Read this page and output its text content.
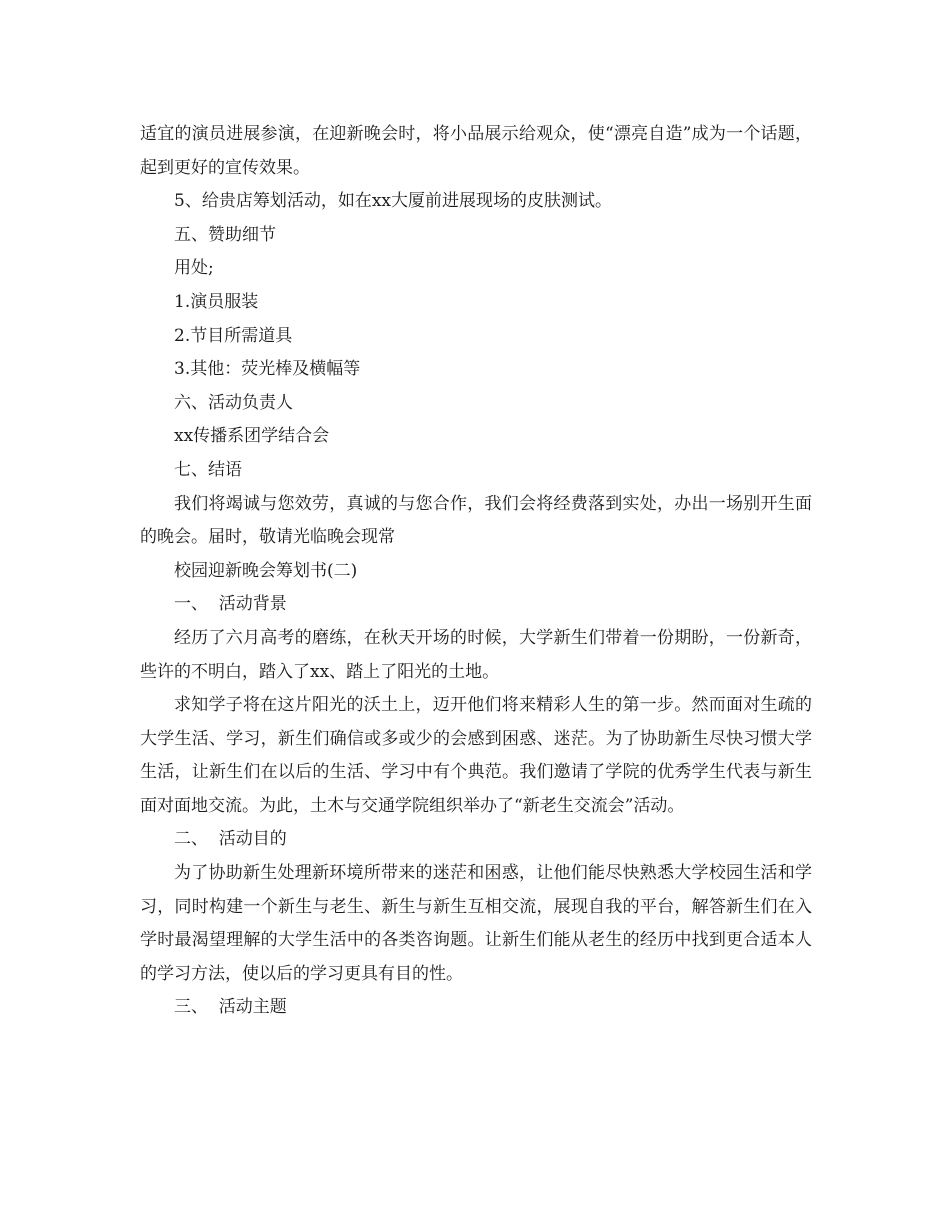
适宜的演员进展参演，在迎新晚会时，将小品展示给观众，使“漂亮自造”成为一个话题，起到更好的宣传效果。

5、给贵店筹划活动，如在xx大厦前进展现场的皮肤测试。

五、赞助细节

用处;

1.演员服装

2.节目所需道具

3.其他：荧光棒及横幅等

六、活动负责人

xx传播系团学结合会

七、结语

我们将竭诚与您效劳，真诚的与您合作，我们会将经费落到实处，办出一场别开生面的晚会。届时，敬请光临晚会现常

校园迎新晚会筹划书(二)

一、  活动背景

经历了六月高考的磨练，在秋天开场的时候，大学新生们带着一份期盼，一份新奇，些许的不明白，踏入了xx、踏上了阳光的土地。

求知学子将在这片阳光的沃土上，迈开他们将来精彩人生的第一步。然而面对生疏的大学生活、学习，新生们确信或多或少的会感到困惑、迷茫。为了协助新生尽快习惯大学生活，让新生们在以后的生活、学习中有个典范。我们邀请了学院的优秀学生代表与新生面对面地交流。为此，土木与交通学院组织举办了“新老生交流会”活动。

二、  活动目的

为了协助新生处理新环境所带来的迷茫和困惑，让他们能尽快熟悉大学校园生活和学习，同时构建一个新生与老生、新生与新生互相交流，展现自我的平台，解答新生们在入学时最渴望理解的大学生活中的各类咨询题。让新生们能从老生的经历中找到更合适本人的学习方法，使以后的学习更具有目的性。

三、  活动主题
